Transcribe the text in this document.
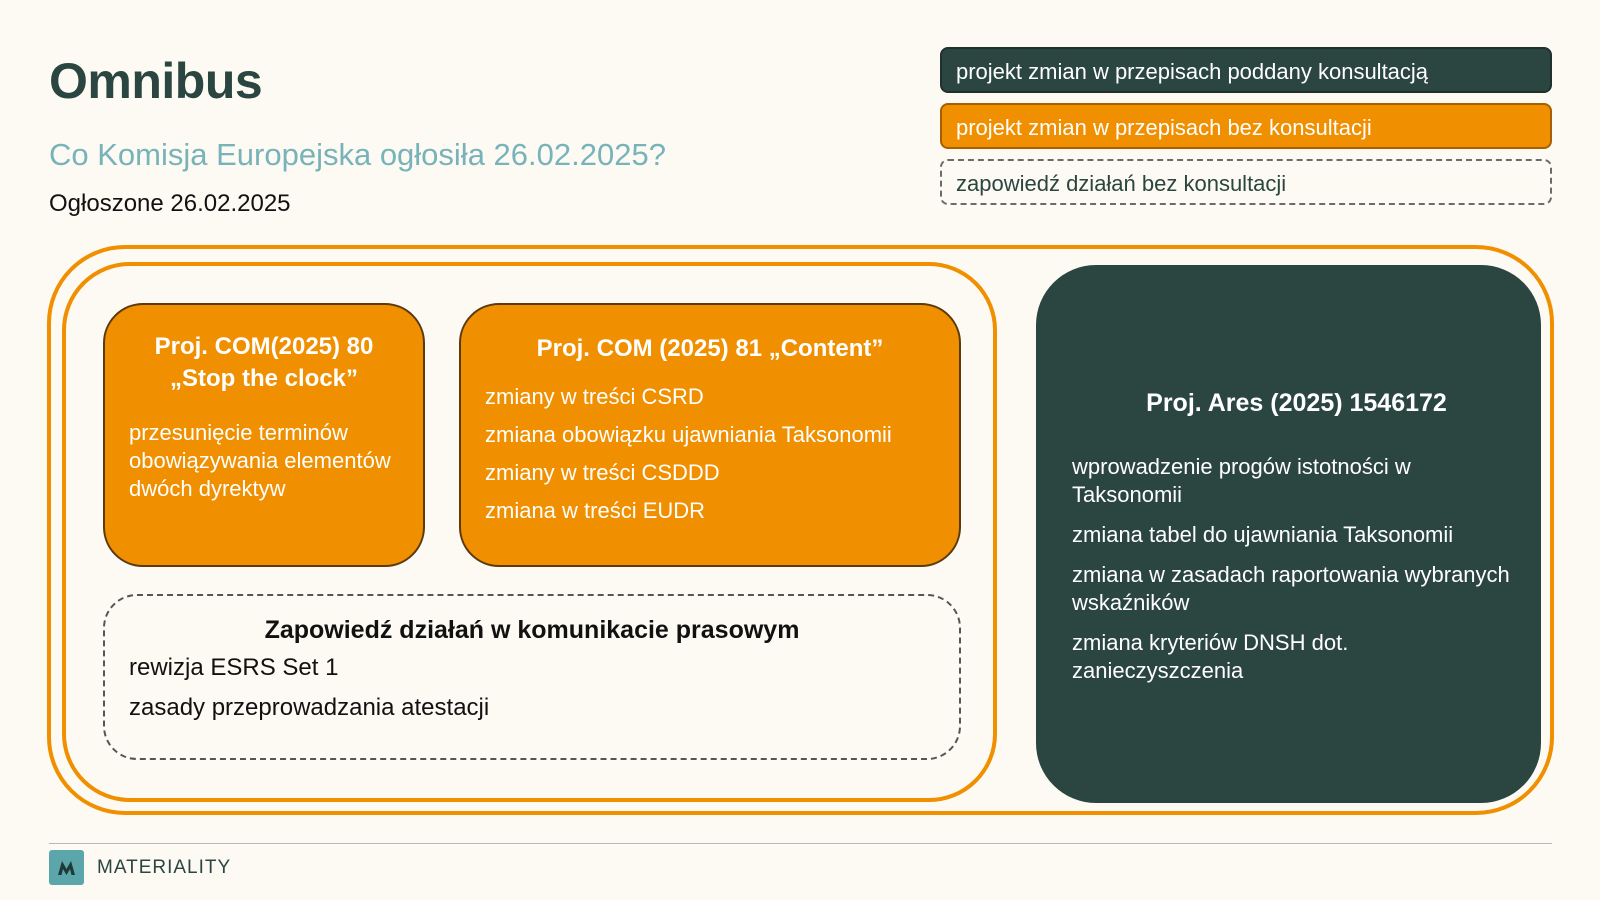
Omnibus
Co Komisja Europejska ogłosiła 26.02.2025?
Ogłoszone 26.02.2025
projekt zmian w przepisach poddany konsultacją
projekt zmian w przepisach bez konsultacji
zapowiedź działań bez konsultacji
Proj. COM(2025) 80
„Stop the clock”
przesunięcie terminów obowiązywania elementów dwóch dyrektyw
Proj. COM (2025) 81 „Content”
zmiany w treści CSRD
zmiana obowiązku ujawniania Taksonomii
zmiany w treści CSDDD
zmiana w treści EUDR
Zapowiedź działań w komunikacie prasowym
rewizja ESRS Set 1
zasady przeprowadzania atestacji
Proj. Ares (2025) 1546172
wprowadzenie progów istotności w Taksonomii
zmiana tabel do ujawniania Taksonomii
zmiana w zasadach raportowania wybranych wskaźników
zmiana kryteriów DNSH dot. zanieczyszczenia
MATERIALITY
